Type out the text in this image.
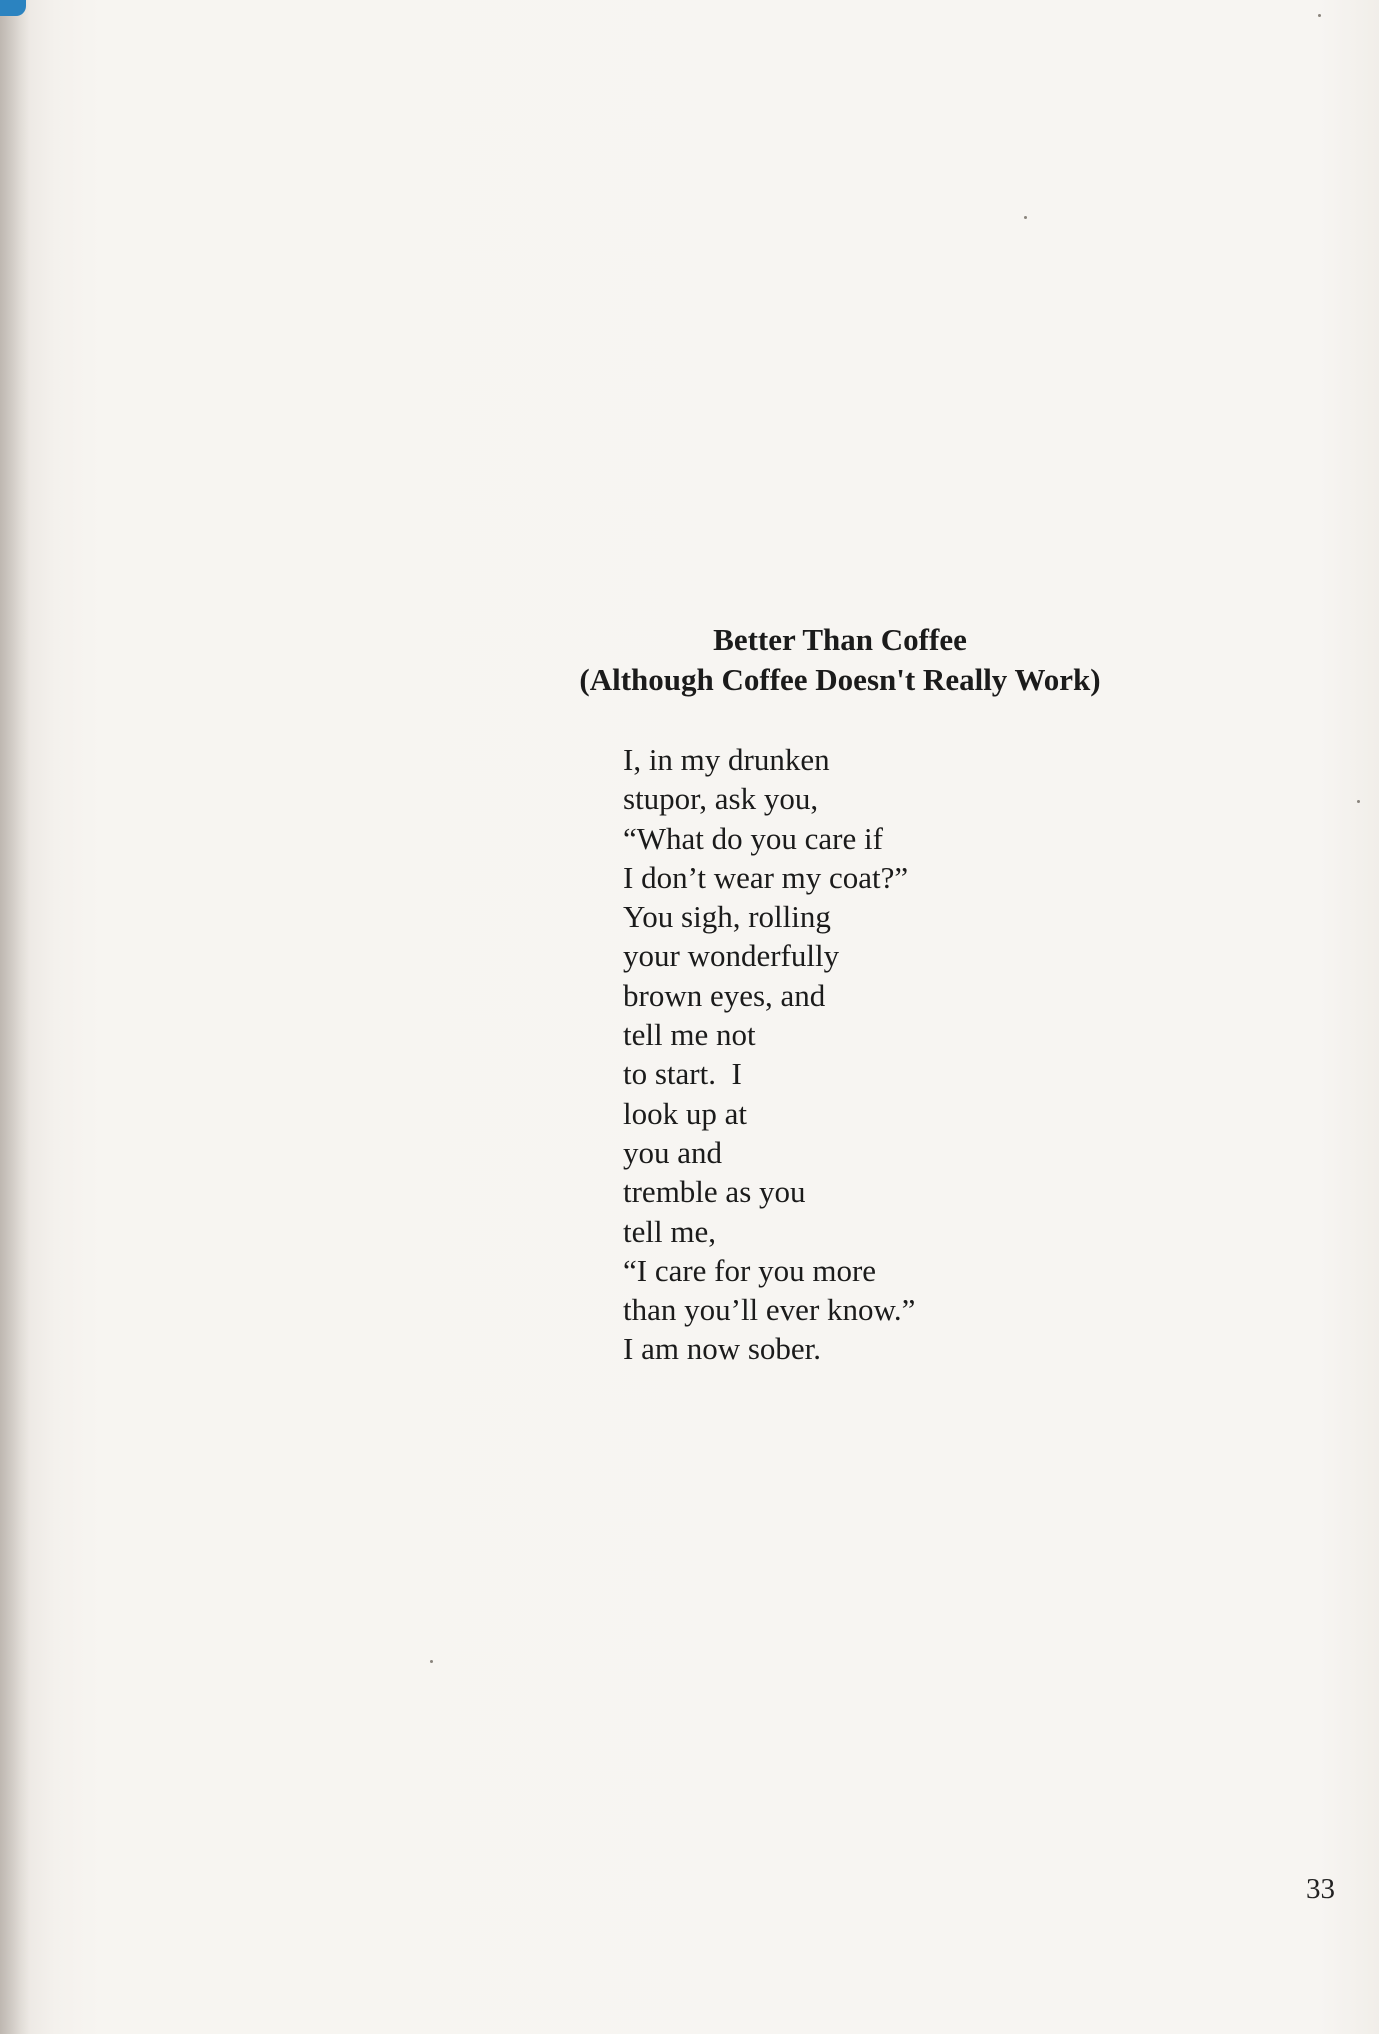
Better Than Coffee
(Although Coffee Doesn't Really Work)
I, in my drunken
stupor, ask you,
“What do you care if
I don’t wear my coat?”
You sigh, rolling
your wonderfully
brown eyes, and
tell me not
to start.  I
look up at
you and
tremble as you
tell me,
“I care for you more
than you’ll ever know.”
I am now sober.
33
